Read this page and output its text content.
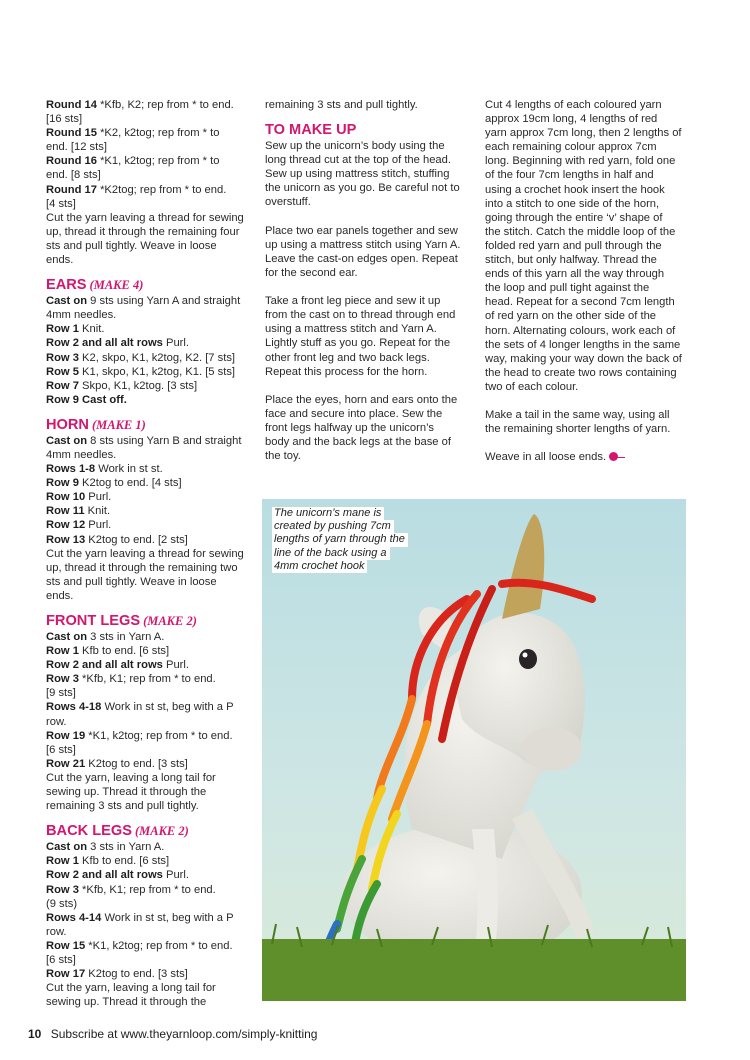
Round 14 *Kfb, K2; rep from * to end.
[16 sts]
Round 15 *K2, k2tog; rep from * to
end. [12 sts]
Round 16 *K1, k2tog; rep from * to
end. [8 sts]
Round 17 *K2tog; rep from * to end.
[4 sts]
Cut the yarn leaving a thread for sewing
up, thread it through the remaining four
sts and pull tightly. Weave in loose
ends.
EARS (MAKE 4)
Cast on 9 sts using Yarn A and straight
4mm needles.
Row 1 Knit.
Row 2 and all alt rows Purl.
Row 3 K2, skpo, K1, k2tog, K2. [7 sts]
Row 5 K1, skpo, K1, k2tog, K1. [5 sts]
Row 7 Skpo, K1, k2tog. [3 sts]
Row 9 Cast off.
HORN (MAKE 1)
Cast on 8 sts using Yarn B and straight
4mm needles.
Rows 1-8 Work in st st.
Row 9 K2tog to end. [4 sts]
Row 10 Purl.
Row 11 Knit.
Row 12 Purl.
Row 13 K2tog to end. [2 sts]
Cut the yarn leaving a thread for sewing
up, thread it through the remaining two
sts and pull tightly. Weave in loose
ends.
FRONT LEGS (MAKE 2)
Cast on 3 sts in Yarn A.
Row 1 Kfb to end. [6 sts]
Row 2 and all alt rows Purl.
Row 3 *Kfb, K1; rep from * to end.
[9 sts]
Rows 4-18 Work in st st, beg with a P
row.
Row 19 *K1, k2tog; rep from * to end.
[6 sts]
Row 21 K2tog to end. [3 sts]
Cut the yarn, leaving a long tail for
sewing up. Thread it through the
remaining 3 sts and pull tightly.
BACK LEGS (MAKE 2)
Cast on 3 sts in Yarn A.
Row 1 Kfb to end. [6 sts]
Row 2 and all alt rows Purl.
Row 3 *Kfb, K1; rep from * to end.
(9 sts)
Rows 4-14 Work in st st, beg with a P
row.
Row 15 *K1, k2tog; rep from * to end.
[6 sts]
Row 17 K2tog to end. [3 sts]
Cut the yarn, leaving a long tail for
sewing up. Thread it through the
remaining 3 sts and pull tightly.
TO MAKE UP
Sew up the unicorn’s body using the
long thread cut at the top of the head.
Sew up using mattress stitch, stuffing
the unicorn as you go. Be careful not to
overstuff.
Place two ear panels together and sew
up using a mattress stitch using Yarn A.
Leave the cast-on edges open. Repeat
for the second ear.
Take a front leg piece and sew it up
from the cast on to thread through end
using a mattress stitch and Yarn A.
Lightly stuff as you go. Repeat for the
other front leg and two back legs.
Repeat this process for the horn.
Place the eyes, horn and ears onto the
face and secure into place. Sew the
front legs halfway up the unicorn’s
body and the back legs at the base of
the toy.
Cut 4 lengths of each coloured yarn
approx 19cm long, 4 lengths of red
yarn approx 7cm long, then 2 lengths of
each remaining colour approx 7cm
long. Beginning with red yarn, fold one
of the four 7cm lengths in half and
using a crochet hook insert the hook
into a stitch to one side of the horn,
going through the entire ‘v’ shape of
the stitch. Catch the middle loop of the
folded red yarn and pull through the
stitch, but only halfway. Thread the
ends of this yarn all the way through
the loop and pull tight against the
head. Repeat for a second 7cm length
of red yarn on the other side of the
horn. Alternating colours, work each of
the sets of 4 longer lengths in the same
way, making your way down the back of
the head to create two rows containing
two of each colour.
Make a tail in the same way, using all
the remaining shorter lengths of yarn.
Weave in all loose ends.
The unicorn’s mane is
created by pushing 7cm
lengths of yarn through the
line of the back using a
4mm crochet hook
10 Subscribe at www.theyarnloop.com/simply-knitting
